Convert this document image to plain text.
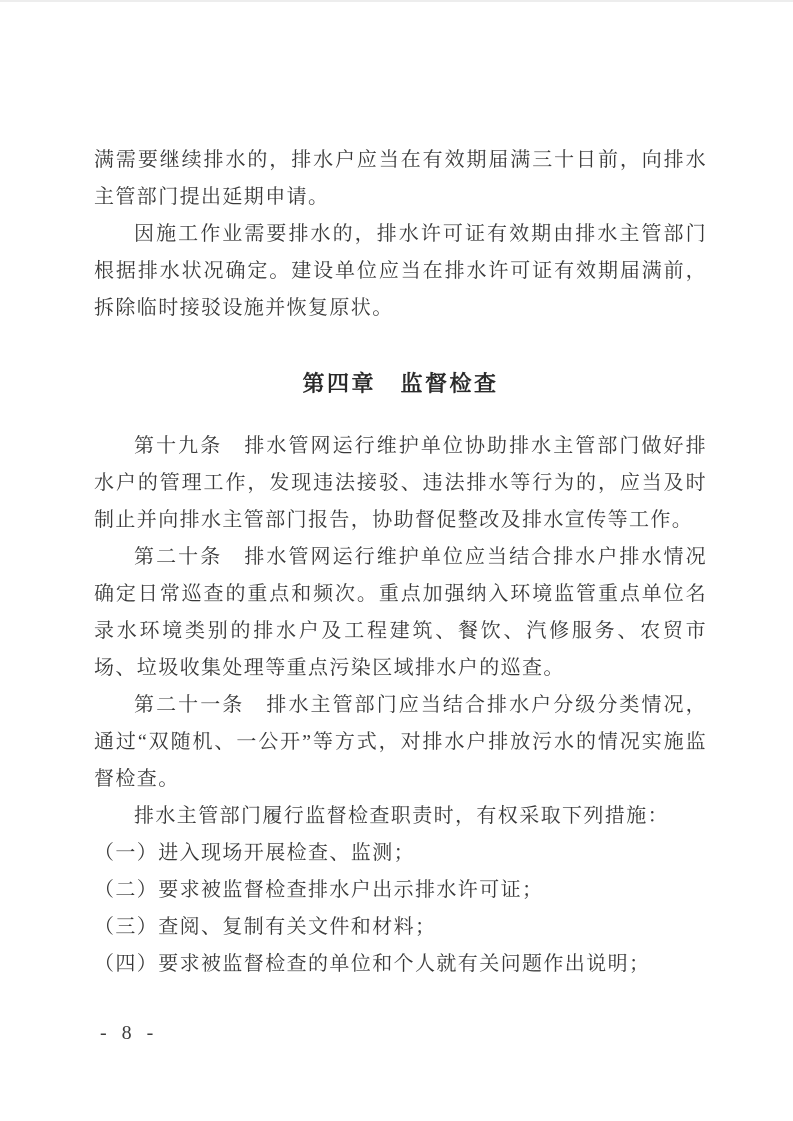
满需要继续排水的，排水户应当在有效期届满三十日前，向排水主管部门提出延期申请。

因施工作业需要排水的，排水许可证有效期由排水主管部门根据排水状况确定。建设单位应当在排水许可证有效期届满前，拆除临时接驳设施并恢复原状。

第四章　监督检查

第十九条　排水管网运行维护单位协助排水主管部门做好排水户的管理工作，发现违法接驳、违法排水等行为的，应当及时制止并向排水主管部门报告，协助督促整改及排水宣传等工作。

第二十条　排水管网运行维护单位应当结合排水户排水情况确定日常巡查的重点和频次。重点加强纳入环境监管重点单位名录水环境类别的排水户及工程建筑、餐饮、汽修服务、农贸市场、垃圾收集处理等重点污染区域排水户的巡查。

第二十一条　排水主管部门应当结合排水户分级分类情况，通过“双随机、一公开”等方式，对排水户排放污水的情况实施监督检查。

排水主管部门履行监督检查职责时，有权采取下列措施：

（一）进入现场开展检查、监测；

（二）要求被监督检查排水户出示排水许可证；

（三）查阅、复制有关文件和材料；

（四）要求被监督检查的单位和个人就有关问题作出说明；

- 8 -
